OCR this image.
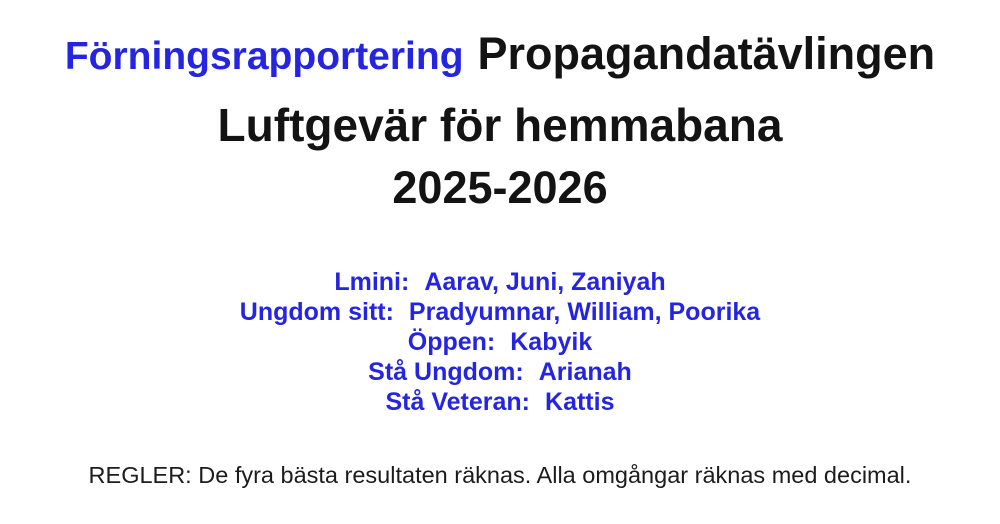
Förningsrapportering Propagandatävlingen
Luftgevär för hemmabana
2025-2026
Lmini: Aarav, Juni, Zaniyah
Ungdom sitt: Pradyumnar, William, Poorika
Öppen: Kabyik
Stå Ungdom: Arianah
Stå Veteran: Kattis
REGLER: De fyra bästa resultaten räknas. Alla omgångar räknas med decimal.
